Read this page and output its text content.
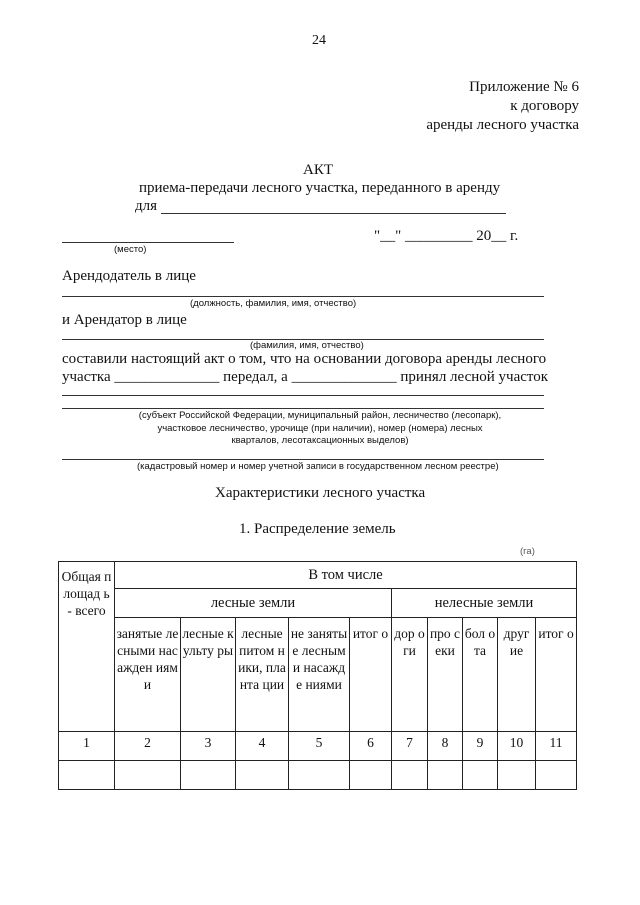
24
Приложение № 6
к договору
аренды лесного участка
АКТ
приема-передачи лесного участка, переданного в аренду
для
(место)
"__" _________ 20__ г.
Арендодатель в лице
(должность, фамилия, имя, отчество)
и Арендатор в лице
(фамилия, имя, отчество)
составили настоящий акт о том, что на основании договора аренды лесного
участка ______________ передал, а ______________ принял лесной участок
(субъект Российской Федерации, муниципальный район, лесничество (лесопарк),
участковое лесничество, урочище (при наличии), номер (номера) лесных
кварталов, лесотаксационных выделов)
(кадастровый номер и номер учетной записи в государственном лесном реестре)
Характеристики лесного участка
1. Распределение земель
(га)
Общая площад ь - всего	В том числе									
	лесные земли					нелесные земли				
	занятые лесными насажден иями	лесные культу ры	лесные питом ники, планта ции	не занятые лесным и насажде ниями	итог о	дор оги	про секи	бол ота	друг ие	итог о
1	2	3	4	5	6	7	8	9	10	11
